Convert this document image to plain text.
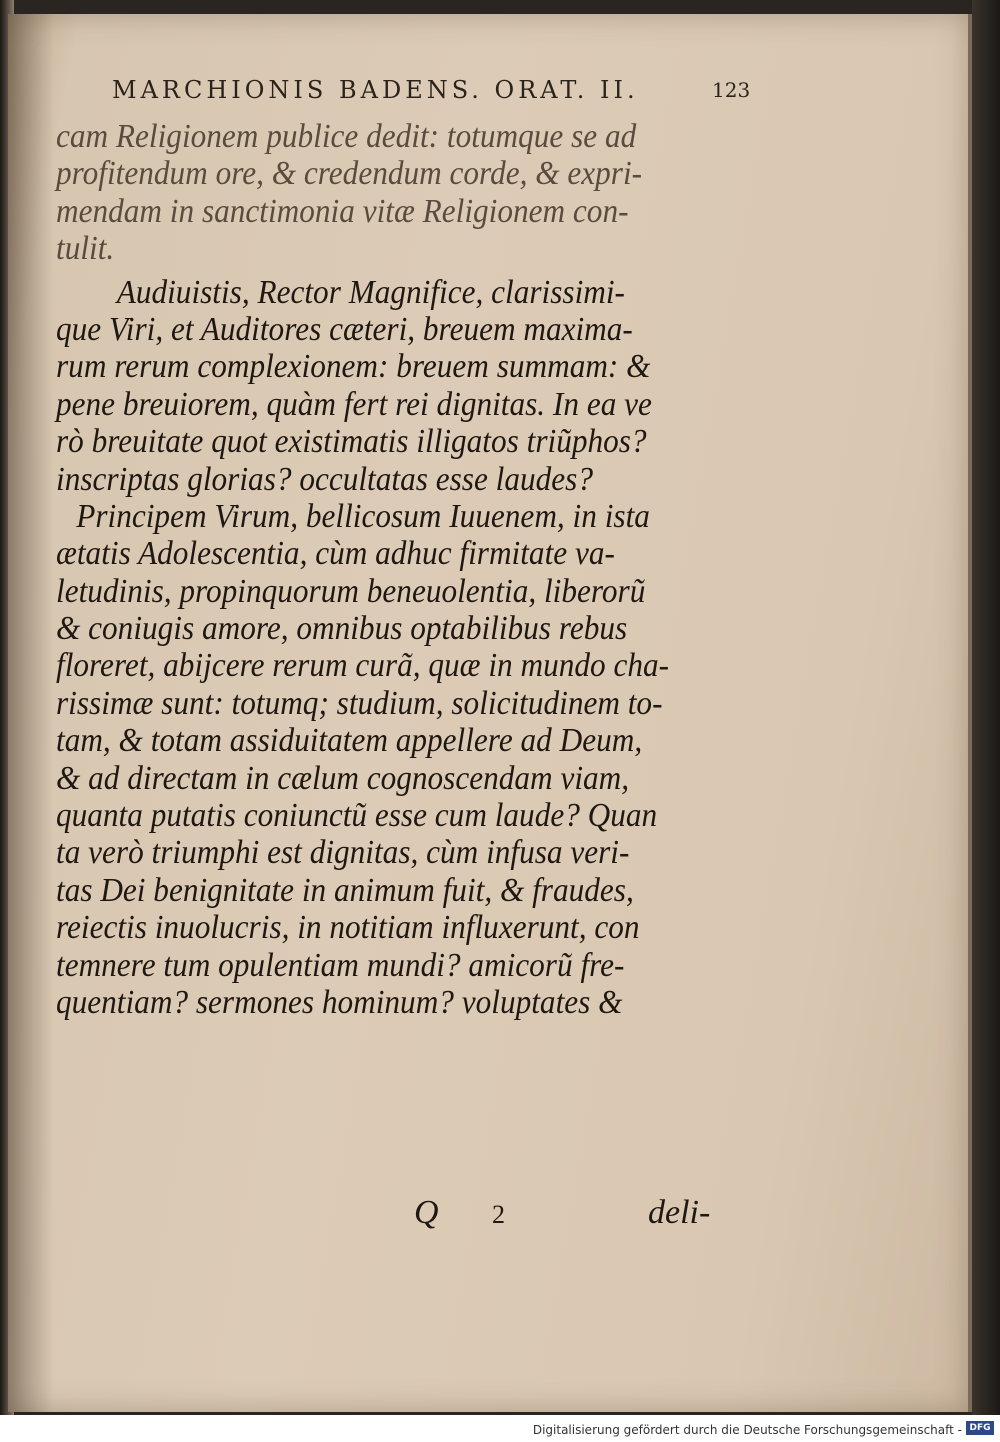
MARCHIONIS BADENS. ORAT. II.	123
cam Religionem publice dedit: totumque se ad
profitendum ore, & credendum corde, & expri-
mendam in sanctimonia vitæ Religionem con-
tulit.
Audiuistis, Rector Magnifice, clarissimi-
que Viri, et Auditores cæteri, breuem maxima-
rum rerum complexionem: breuem summam: &
pene breuiorem, quàm fert rei dignitas. In ea ve
rò breuitate quot existimatis illigatos triũphos?
inscriptas glorias? occultatas esse laudes?
Principem Virum, bellicosum Iuuenem, in ista
ætatis Adolescentia, cùm adhuc firmitate va-
letudinis, propinquorum beneuolentia, liberorũ
& coniugis amore, omnibus optabilibus rebus
floreret, abijcere rerum curã, quæ in mundo cha-
rissimæ sunt: totumq; studium, solicitudinem to-
tam, & totam assiduitatem appellere ad Deum,
& ad directam in cælum cognoscendam viam,
quanta putatis coniunctũ esse cum laude? Quan
ta verò triumphi est dignitas, cùm infusa veri-
tas Dei benignitate in animum fuit, & fraudes,
reiectis inuolucris, in notitiam influxerunt, con
temnere tum opulentiam mundi? amicorũ fre-
quentiam? sermones hominum? voluptates &
Q 2	deli-
Digitalisierung gefördert durch die Deutsche Forschungsgemeinschaft - DFG
